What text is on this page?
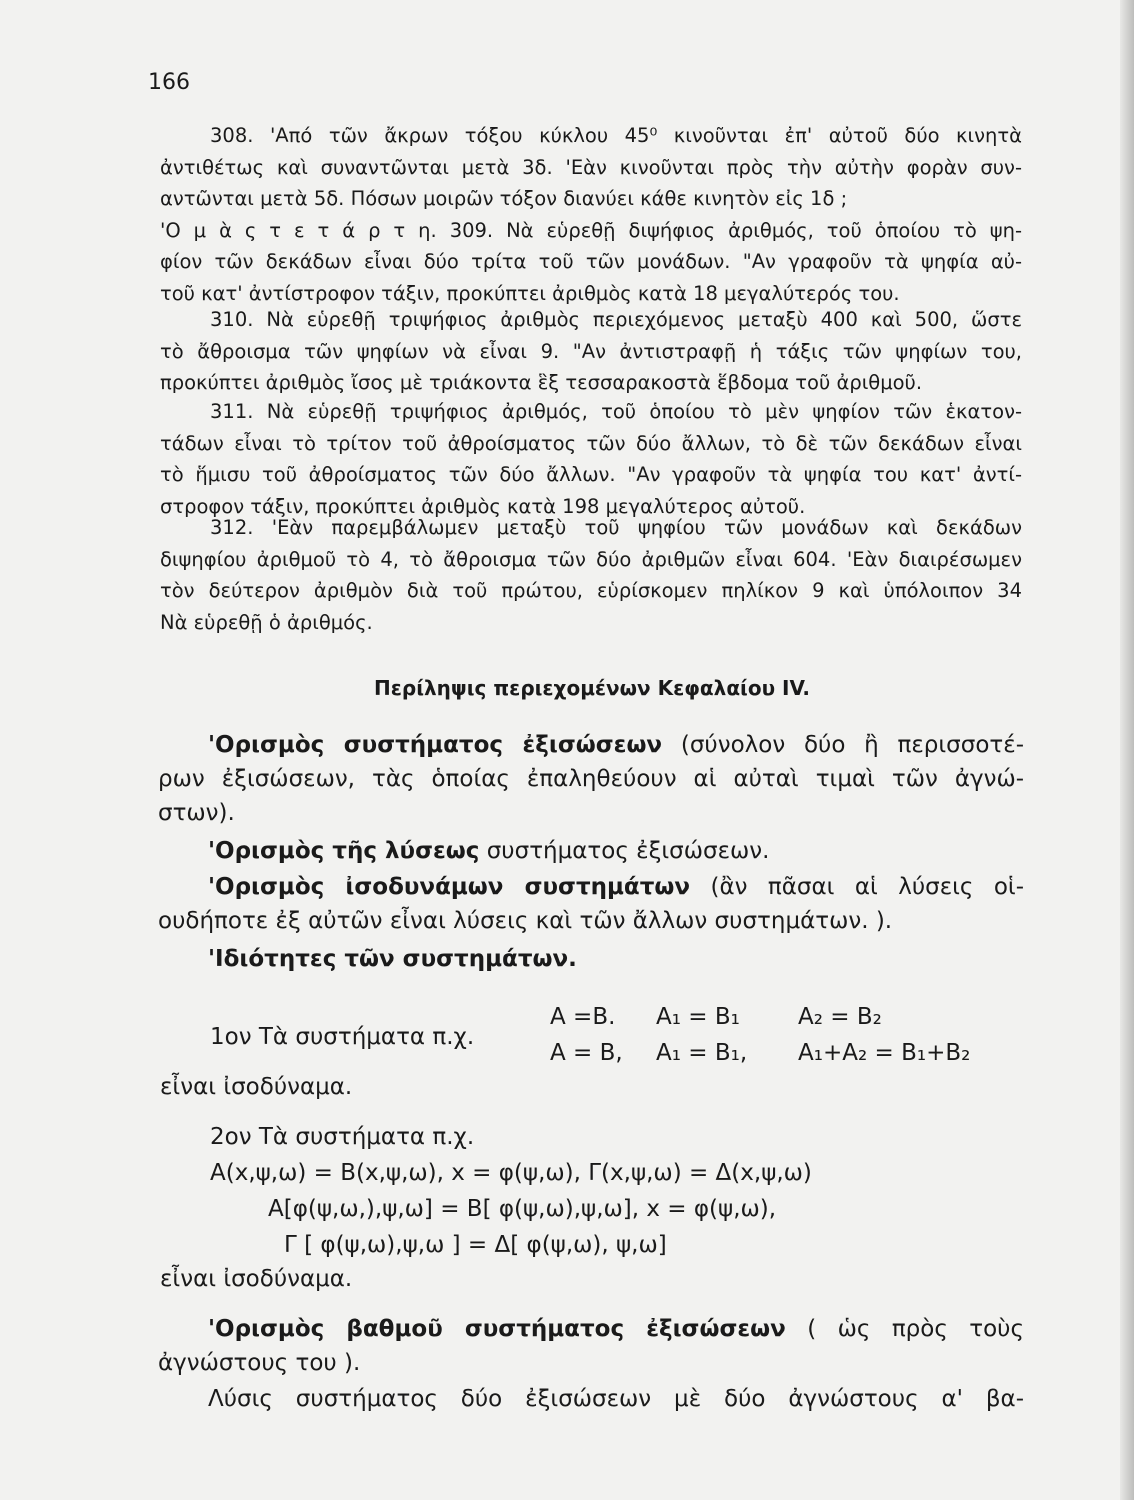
166
308. 'Από τῶν ἄκρων τόξου κύκλου 45⁰ κινοῦνται ἐπ' αὐτοῦ δύο κινητὰ
ἀντιθέτως καὶ συναντῶνται μετὰ 3δ. 'Εὰν κινοῦνται πρὸς τὴν αὐτὴν φορὰν συν-
αντῶνται μετὰ 5δ. Πόσων μοιρῶν τόξον διανύει κάθε κινητὸν εἰς 1δ ;
'Ο μ ὰ ς τ ε τ ά ρ τ η. 309. Νὰ εὑρεθῇ διψήφιος ἀριθμός, τοῦ ὁποίου τὸ ψη-
φίον τῶν δεκάδων εἶναι δύο τρίτα τοῦ τῶν μονάδων. "Αν γραφοῦν τὰ ψηφία αὐ-
τοῦ κατ' ἀντίστροφον τάξιν, προκύπτει ἀριθμὸς κατὰ 18 μεγαλύτερός του.
310. Νὰ εὑρεθῇ τριψήφιος ἀριθμὸς περιεχόμενος μεταξὺ 400 καὶ 500, ὥστε
τὸ ἄθροισμα τῶν ψηφίων νὰ εἶναι 9. "Αν ἀντιστραφῇ ἡ τάξις τῶν ψηφίων του,
προκύπτει ἀριθμὸς ἴσος μὲ τριάκοντα ἓξ τεσσαρακοστὰ ἕβδομα τοῦ ἀριθμοῦ.
311. Νὰ εὑρεθῇ τριψήφιος ἀριθμός, τοῦ ὁποίου τὸ μὲν ψηφίον τῶν ἑκατον-
τάδων εἶναι τὸ τρίτον τοῦ ἀθροίσματος τῶν δύο ἄλλων, τὸ δὲ τῶν δεκάδων εἶναι
τὸ ἥμισυ τοῦ ἀθροίσματος τῶν δύο ἄλλων. "Αν γραφοῦν τὰ ψηφία του κατ' ἀντί-
στροφον τάξιν, προκύπτει ἀριθμὸς κατὰ 198 μεγαλύτερος αὐτοῦ.
312. 'Εὰν παρεμβάλωμεν μεταξὺ τοῦ ψηφίου τῶν μονάδων καὶ δεκάδων
διψηφίου ἀριθμοῦ τὸ 4, τὸ ἄθροισμα τῶν δύο ἀριθμῶν εἶναι 604. 'Εὰν διαιρέσωμεν
τὸν δεύτερον ἀριθμὸν διὰ τοῦ πρώτου, εὑρίσκομεν πηλίκον 9 καὶ ὑπόλοιπον 34
Νὰ εὑρεθῇ ὁ ἀριθμός.
Περίληψις περιεχομένων Κεφαλαίου IV.
'Ορισμὸς συστήματος ἐξισώσεων (σύνολον δύο ἢ περισσοτέ-
ρων ἐξισώσεων, τὰς ὁποίας ἐπαληθεύουν αἱ αὐταὶ τιμαὶ τῶν ἀγνώ-
στων).
'Ορισμὸς τῆς λύσεως συστήματος ἐξισώσεων.
'Ορισμὸς ἰσοδυνάμων συστημάτων (ἂν πᾶσαι αἱ λύσεις οἱ-
ουδήποτε ἐξ αὐτῶν εἶναι λύσεις καὶ τῶν ἄλλων συστημάτων. ).
'Ιδιότητες τῶν συστημάτων.
1ον Τὰ συστήματα π.χ.
A =B. A₁ = B₁	A₂ = B₂
A = B, A₁ = B₁, A₁+A₂ = B₁+B₂
εἶναι ἰσοδύναμα.
2ον Τὰ συστήματα π.χ.
A(x,ψ,ω) = B(x,ψ,ω), x = φ(ψ,ω), Γ(x,ψ,ω) = Δ(x,ψ,ω)
A[φ(ψ,ω,),ψ,ω] = B[ φ(ψ,ω),ψ,ω], x = φ(ψ,ω),
Γ [ φ(ψ,ω),ψ,ω ] = Δ[ φ(ψ,ω), ψ,ω]
εἶναι ἰσοδύναμα.
'Ορισμὸς βαθμοῦ συστήματος ἐξισώσεων ( ὡς πρὸς τοὺς
ἀγνώστους του ).
Λύσις συστήματος δύο ἐξισώσεων μὲ δύο ἀγνώστους α' βα-
